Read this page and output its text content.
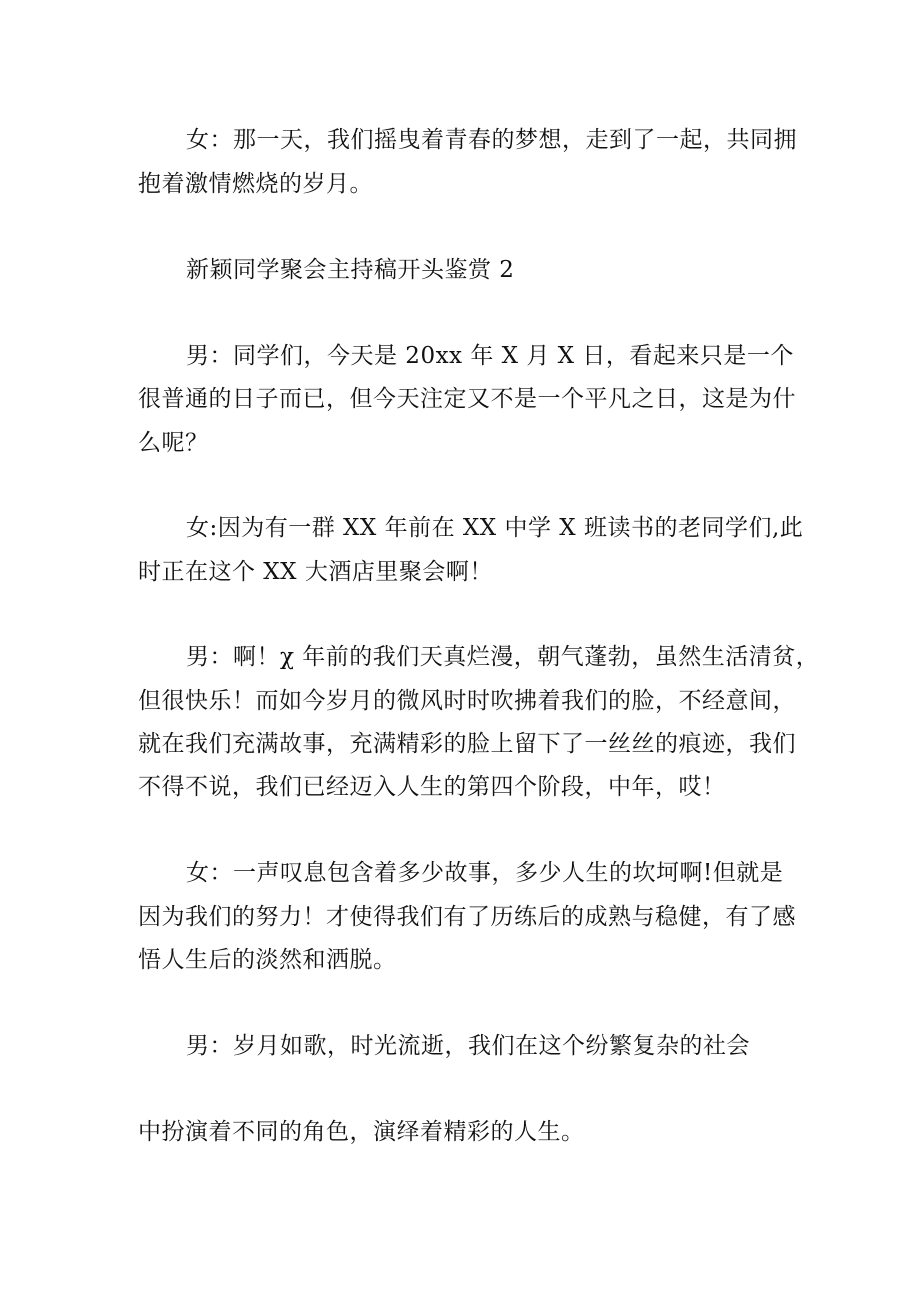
女：那一天，我们摇曳着青春的梦想，走到了一起，共同拥

抱着激情燃烧的岁月。

新颖同学聚会主持稿开头鉴赏 2

男：同学们，今天是 20xx 年 X 月 X 日，看起来只是一个

很普通的日子而已，但今天注定又不是一个平凡之日，这是为什

么呢？

女:因为有一群 XX 年前在 XX 中学 X 班读书的老同学们,此

时正在这个 XX 大酒店里聚会啊！

男：啊！χ 年前的我们天真烂漫，朝气蓬勃，虽然生活清贫，

但很快乐！而如今岁月的微风时时吹拂着我们的脸，不经意间，

就在我们充满故事，充满精彩的脸上留下了一丝丝的痕迹，我们

不得不说，我们已经迈入人生的第四个阶段，中年，哎！

女：一声叹息包含着多少故事，多少人生的坎坷啊!但就是

因为我们的努力！才使得我们有了历练后的成熟与稳健，有了感

悟人生后的淡然和洒脱。

男：岁月如歌，时光流逝，我们在这个纷繁复杂的社会

中扮演着不同的角色，演绎着精彩的人生。
